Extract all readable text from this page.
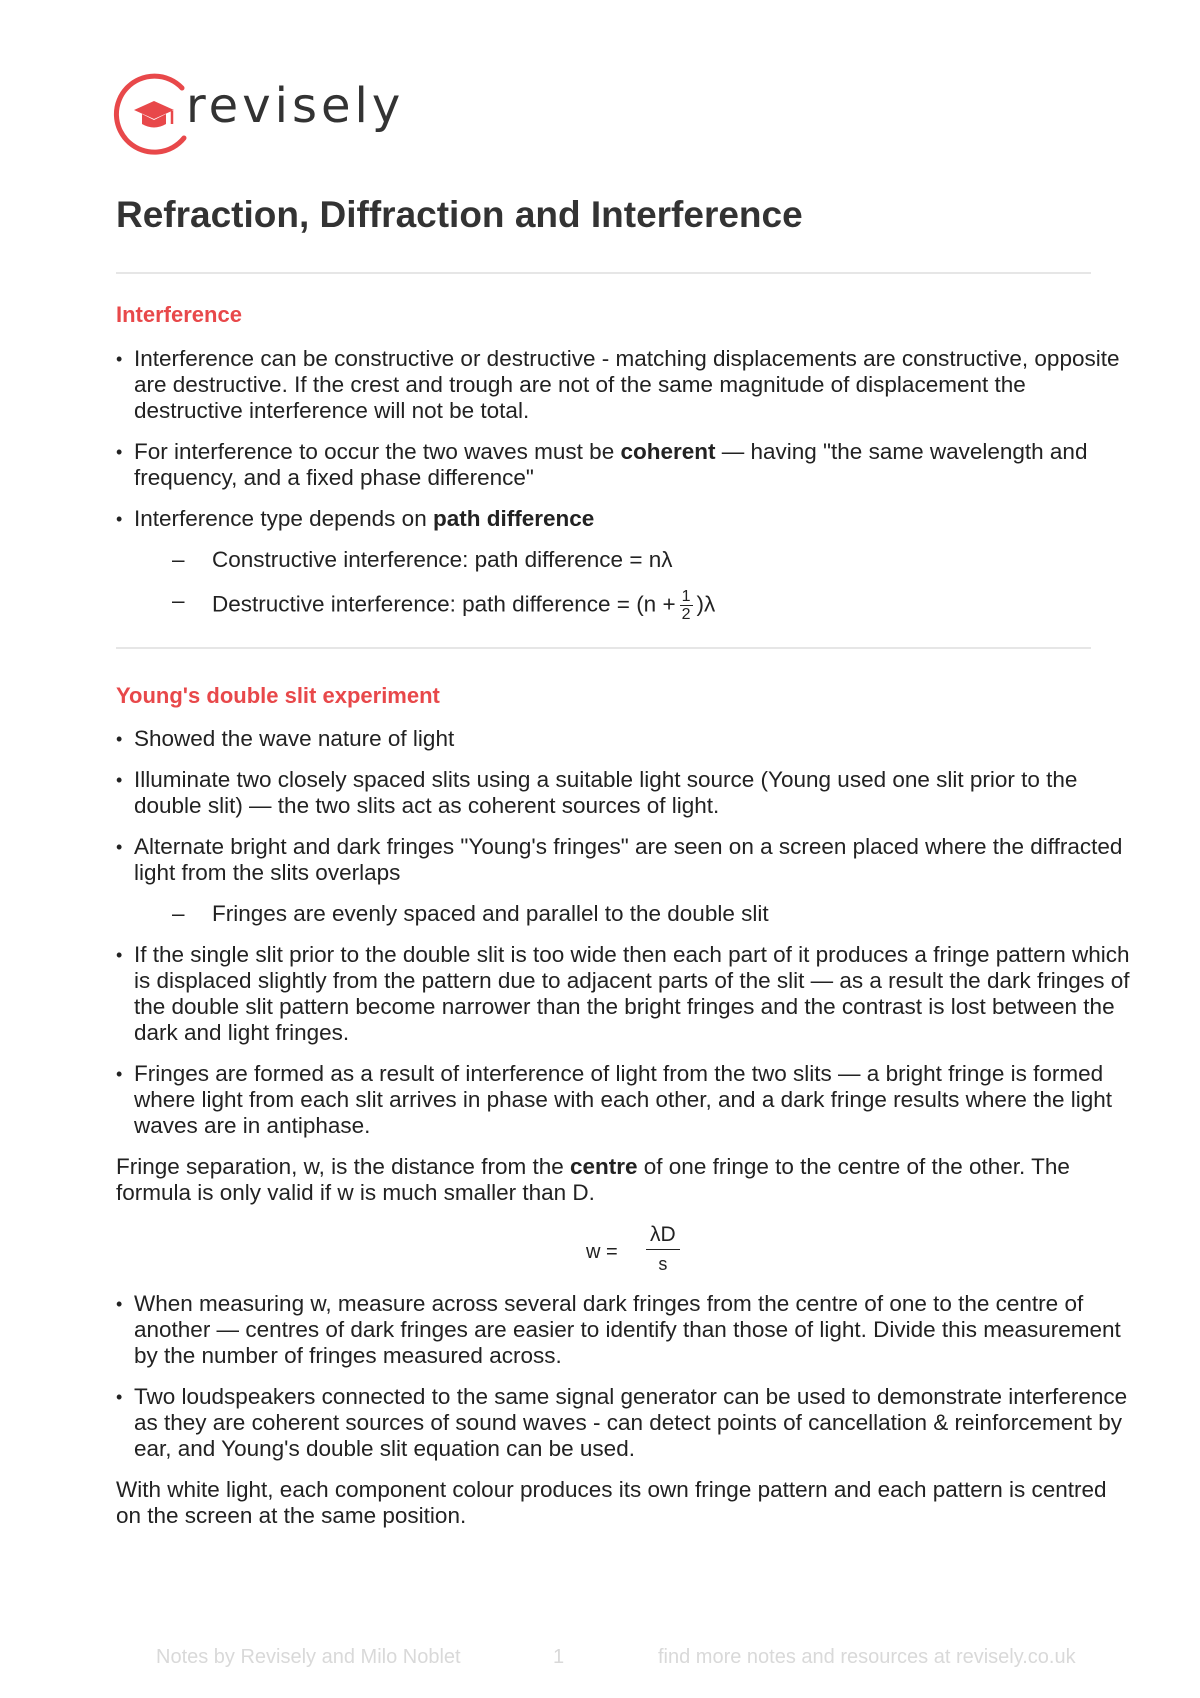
revisely
Refraction, Diffraction and Interference
Interference
• Interference can be constructive or destructive - matching displacements are constructive, opposite are destructive. If the crest and trough are not of the same magnitude of displacement the destructive interference will not be total.
• For interference to occur the two waves must be coherent — having "the same wavelength and frequency, and a fixed phase difference"
• Interference type depends on path difference
– Constructive interference: path difference = nλ
– Destructive interference: path difference = $(n + \frac{1}{2} )\lambda$
Young's double slit experiment
• Showed the wave nature of light
• Illuminate two closely spaced slits using a suitable light source (Young used one slit prior to the double slit) — the two slits act as coherent sources of light.
• Alternate bright and dark fringes "Young's fringes" are seen on a screen placed where the diffracted light from the slits overlaps
– Fringes are evenly spaced and parallel to the double slit
• If the single slit prior to the double slit is too wide then each part of it produces a fringe pattern which is displaced slightly from the pattern due to adjacent parts of the slit — as a result the dark fringes of the double slit pattern become narrower than the bright fringes and the contrast is lost between the dark and light fringes.
• Fringes are formed as a result of interference of light from the two slits — a bright fringe is formed where light from each slit arrives in phase with each other, and a dark fringe results where the light waves are in antiphase.

Fringe separation, w, is the distance from the centre of one fringe to the centre of the other. The formula is only valid if w is much smaller than D.

$w = \frac{\lambda D}{s}$
• When measuring w, measure across several dark fringes from the centre of one to the centre of another — centres of dark fringes are easier to identify than those of light. Divide this measurement by the number of fringes measured across.
• Two loudspeakers connected to the same signal generator can be used to demonstrate interference as they are coherent sources of sound waves - can detect points of cancellation & reinforcement by ear, and Young's double slit equation can be used.

With white light, each component colour produces its own fringe pattern and each pattern is centred on the screen at the same position.

Notes by Revisely and Milo Noblet	1	find more notes and resources at revisely.co.uk
